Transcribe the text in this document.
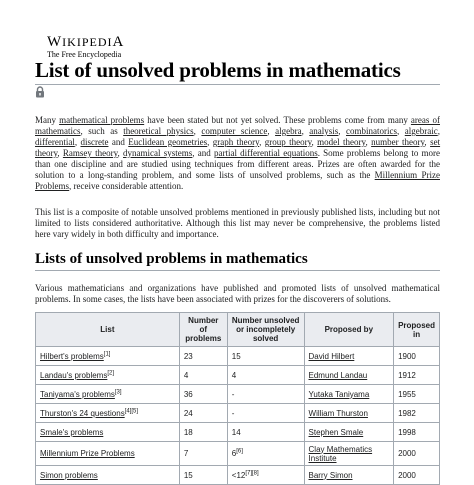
WIKIPEDIA
The Free Encyclopedia
List of unsolved problems in mathematics

Many mathematical problems have been stated but not yet solved. These problems come from many areas of mathematics, such as theoretical physics, computer science, algebra, analysis, combinatorics, algebraic, differential, discrete and Euclidean geometries, graph theory, group theory, model theory, number theory, set theory, Ramsey theory, dynamical systems, and partial differential equations. Some problems belong to more than one discipline and are studied using techniques from different areas. Prizes are often awarded for the solution to a long-standing problem, and some lists of unsolved problems, such as the Millennium Prize Problems, receive considerable attention.

This list is a composite of notable unsolved problems mentioned in previously published lists, including but not limited to lists considered authoritative. Although this list may never be comprehensive, the problems listed here vary widely in both difficulty and importance.

Lists of unsolved problems in mathematics

Various mathematicians and organizations have published and promoted lists of unsolved mathematical problems. In some cases, the lists have been associated with prizes for the discoverers of solutions.

List	Number of problems	Number unsolved or incompletely solved	Proposed by	Proposed in
Hilbert's problems[1]	23	15	David Hilbert	1900
Landau's problems[2]	4	4	Edmund Landau	1912
Taniyama's problems[3]	36	-	Yutaka Taniyama	1955
Thurston's 24 questions[4][5]	24	-	William Thurston	1982
Smale's problems	18	14	Stephen Smale	1998
Millennium Prize Problems	7	6[6]	Clay Mathematics Institute	2000
Simon problems	15	<12[7][8]	Barry Simon	2000
